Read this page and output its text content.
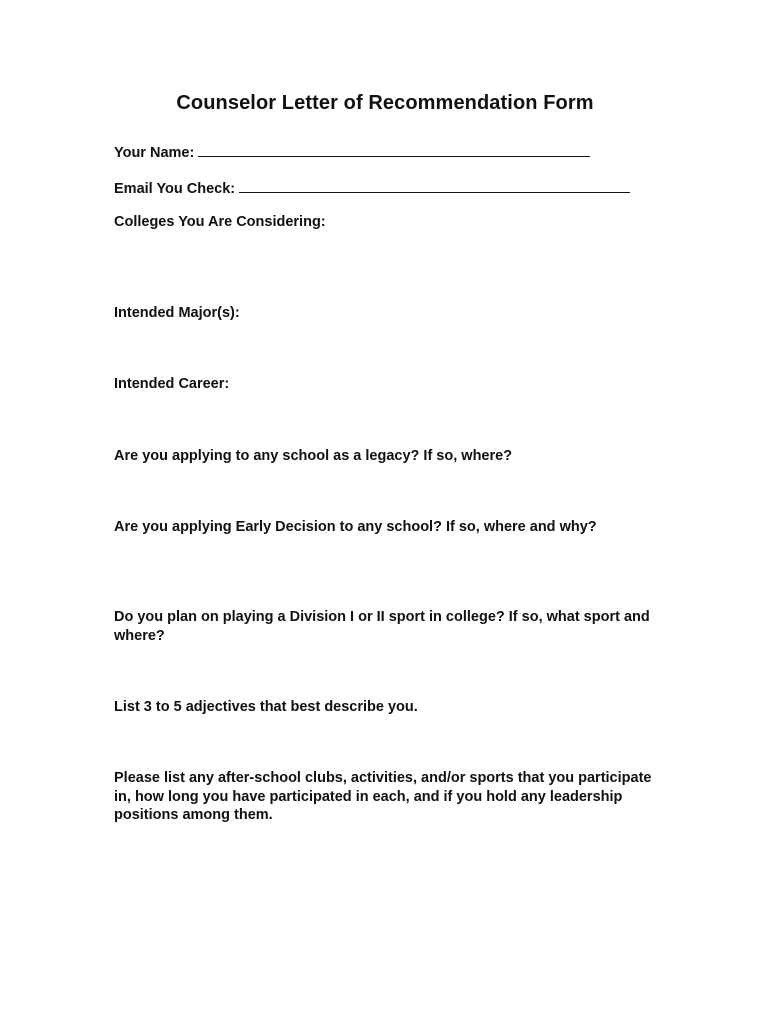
Counselor Letter of Recommendation Form
Your Name:
Email You Check:
Colleges You Are Considering:
Intended Major(s):
Intended Career:
Are you applying to any school as a legacy? If so, where?
Are you applying Early Decision to any school? If so, where and why?
Do you plan on playing a Division I or II sport in college? If so, what sport and where?
List 3 to 5 adjectives that best describe you.
Please list any after-school clubs, activities, and/or sports that you participate in, how long you have participated in each, and if you hold any leadership positions among them.
